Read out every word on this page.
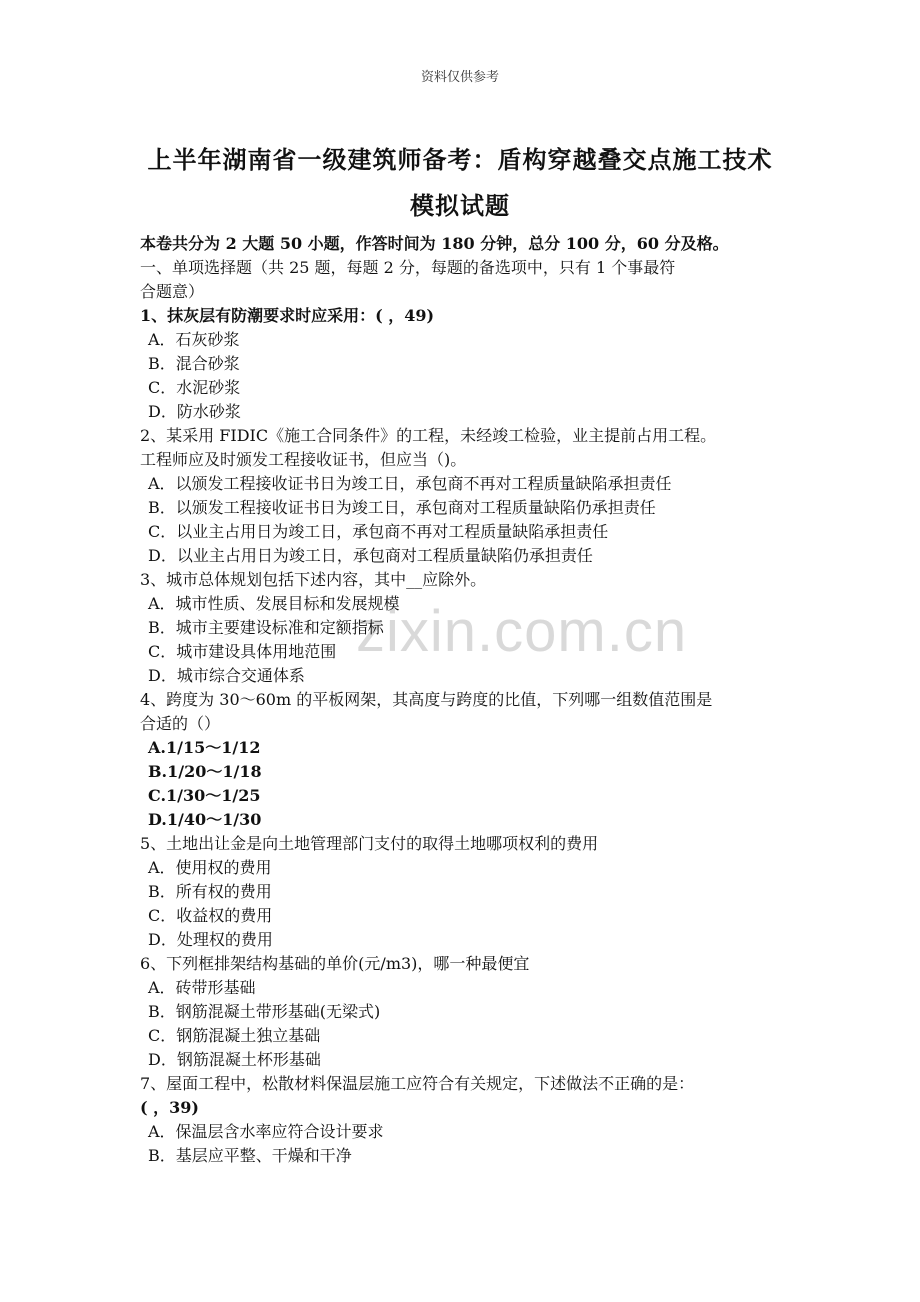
资料仅供参考
上半年湖南省一级建筑师备考：盾构穿越叠交点施工技术
模拟试题
zixin.com.cn
本卷共分为 2 大题 50 小题，作答时间为 180 分钟，总分 100 分，60 分及格。
一、单项选择题（共 25 题，每题 2 分，每题的备选项中，只有 1 个事最符
合题意）
1、抹灰层有防潮要求时应采用：( ，49)
A．石灰砂浆
B．混合砂浆
C．水泥砂浆
D．防水砂浆
2、某采用 FIDIC《施工合同条件》的工程，未经竣工检验，业主提前占用工程。
工程师应及时颁发工程接收证书，但应当（)。
A．以颁发工程接收证书日为竣工日，承包商不再对工程质量缺陷承担责任
B．以颁发工程接收证书日为竣工日，承包商对工程质量缺陷仍承担责任
C．以业主占用日为竣工日，承包商不再对工程质量缺陷承担责任
D．以业主占用日为竣工日，承包商对工程质量缺陷仍承担责任
3、城市总体规划包括下述内容，其中__应除外。
A．城市性质、发展目标和发展规模
B．城市主要建设标准和定额指标
C．城市建设具体用地范围
D．城市综合交通体系
4、跨度为 30～60m 的平板网架，其高度与跨度的比值，下列哪一组数值范围是
合适的（）
A.1/15～1/12
B.1/20～1/18
C.1/30～1/25
D.1/40～1/30
5、土地出让金是向土地管理部门支付的取得土地哪项权利的费用
A．使用权的费用
B．所有权的费用
C．收益权的费用
D．处理权的费用
6、下列框排架结构基础的单价(元/m3)，哪一种最便宜
A．砖带形基础
B．钢筋混凝土带形基础(无梁式)
C．钢筋混凝土独立基础
D．钢筋混凝土杯形基础
7、屋面工程中，松散材料保温层施工应符合有关规定，下述做法不正确的是：
( ，39)
A．保温层含水率应符合设计要求
B．基层应平整、干燥和干净
